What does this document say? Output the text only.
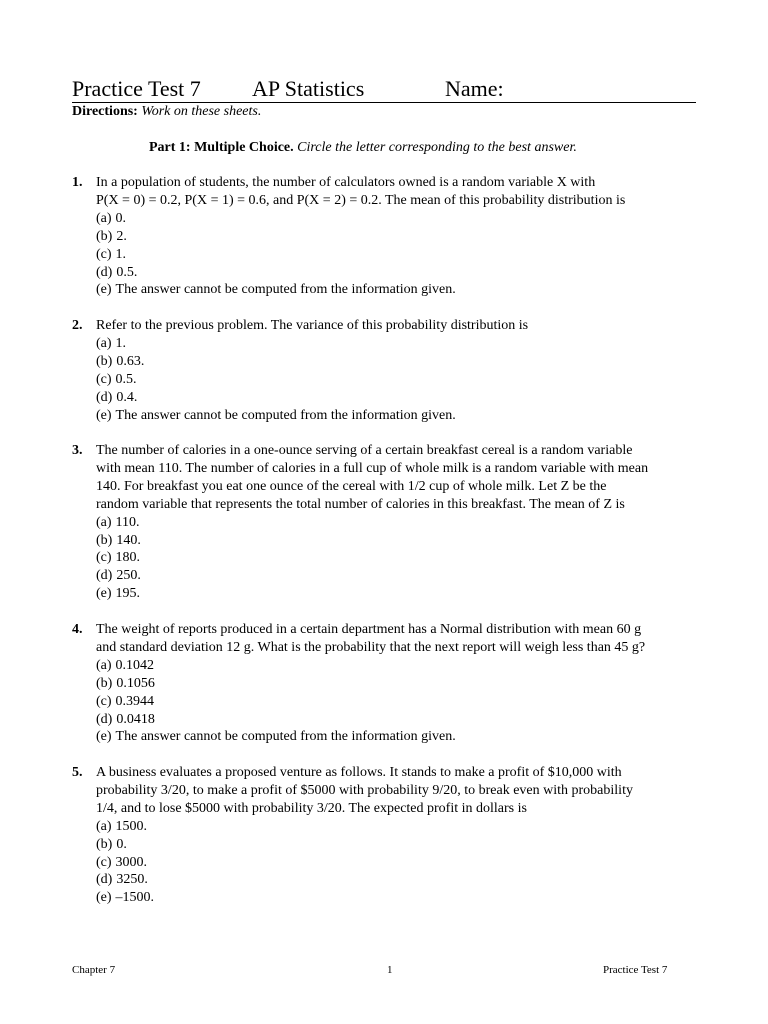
Practice Test 7 AP Statistics	Name:
Directions: Work on these sheets.
Part 1: Multiple Choice. Circle the letter corresponding to the best answer.
1. In a population of students, the number of calculators owned is a random variable X with
P(X = 0) = 0.2, P(X = 1) = 0.6, and P(X = 2) = 0.2. The mean of this probability distribution is
(a) 0.
(b) 2.
(c) 1.
(d) 0.5.
(e) The answer cannot be computed from the information given.
2. Refer to the previous problem. The variance of this probability distribution is
(a) 1.
(b) 0.63.
(c) 0.5.
(d) 0.4.
(e) The answer cannot be computed from the information given.
3. The number of calories in a one-ounce serving of a certain breakfast cereal is a random variable
with mean 110. The number of calories in a full cup of whole milk is a random variable with mean
140. For breakfast you eat one ounce of the cereal with 1/2 cup of whole milk. Let Z be the
random variable that represents the total number of calories in this breakfast. The mean of Z is
(a) 110.
(b) 140.
(c) 180.
(d) 250.
(e) 195.
4. The weight of reports produced in a certain department has a Normal distribution with mean 60 g
and standard deviation 12 g. What is the probability that the next report will weigh less than 45 g?
(a) 0.1042
(b) 0.1056
(c) 0.3944
(d) 0.0418
(e) The answer cannot be computed from the information given.
5. A business evaluates a proposed venture as follows. It stands to make a profit of $10,000 with
probability 3/20, to make a profit of $5000 with probability 9/20, to break even with probability
1/4, and to lose $5000 with probability 3/20. The expected profit in dollars is
(a) 1500.
(b) 0.
(c) 3000.
(d) 3250.
(e) –1500.
Chapter 7	1	Practice Test 7
